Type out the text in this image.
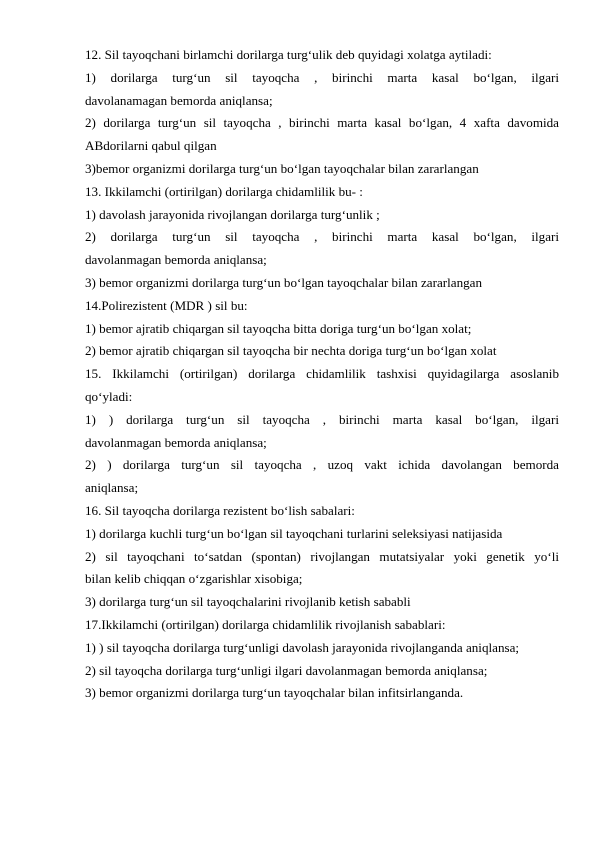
12. Sil tayoqchani birlamchi dorilarga turg‘ulik deb quyidagi xolatga aytiladi:
1) dorilarga turg‘un sil tayoqcha , birinchi marta kasal bo‘lgan, ilgari
davolanamagan bemorda aniqlansa;
2) dorilarga turg‘un sil tayoqcha , birinchi marta kasal bo‘lgan, 4 xafta davomida
ABdorilarni qabul qilgan
3)bemor organizmi dorilarga turg‘un bo‘lgan tayoqchalar bilan zararlangan
13. Ikkilamchi (ortirilgan) dorilarga chidamlilik bu- :
1) davolash jarayonida rivojlangan dorilarga turg‘unlik ;
2) dorilarga turg‘un sil tayoqcha , birinchi marta kasal bo‘lgan, ilgari
davolanmagan bemorda aniqlansa;
3) bemor organizmi dorilarga turg‘un bo‘lgan tayoqchalar bilan zararlangan
14.Polirezistent (MDR ) sil bu:
1) bemor ajratib chiqargan sil tayoqcha bitta doriga turg‘un bo‘lgan xolat;
2) bemor ajratib chiqargan sil tayoqcha bir nechta doriga turg‘un bo‘lgan xolat
15. Ikkilamchi (ortirilgan) dorilarga chidamlilik tashxisi quyidagilarga asoslanib
qo‘yladi:
1) ) dorilarga turg‘un sil tayoqcha , birinchi marta kasal bo‘lgan, ilgari
davolanmagan bemorda aniqlansa;
2) ) dorilarga turg‘un sil tayoqcha , uzoq vakt ichida davolangan bemorda
aniqlansa;
16. Sil tayoqcha dorilarga rezistent bo‘lish sabalari:
1) dorilarga kuchli turg‘un bo‘lgan sil tayoqchani turlarini seleksiyasi natijasida
2) sil tayoqchani to‘satdan (spontan) rivojlangan mutatsiyalar yoki genetik yo‘li
bilan kelib chiqqan o‘zgarishlar xisobiga;
3) dorilarga turg‘un sil tayoqchalarini rivojlanib ketish sababli
17.Ikkilamchi (ortirilgan) dorilarga chidamlilik rivojlanish sabablari:
1) ) sil tayoqcha dorilarga turg‘unligi davolash jarayonida rivojlanganda aniqlansa;
2) sil tayoqcha dorilarga turg‘unligi ilgari davolanmagan bemorda aniqlansa;
3) bemor organizmi dorilarga turg‘un tayoqchalar bilan infitsirlanganda.
